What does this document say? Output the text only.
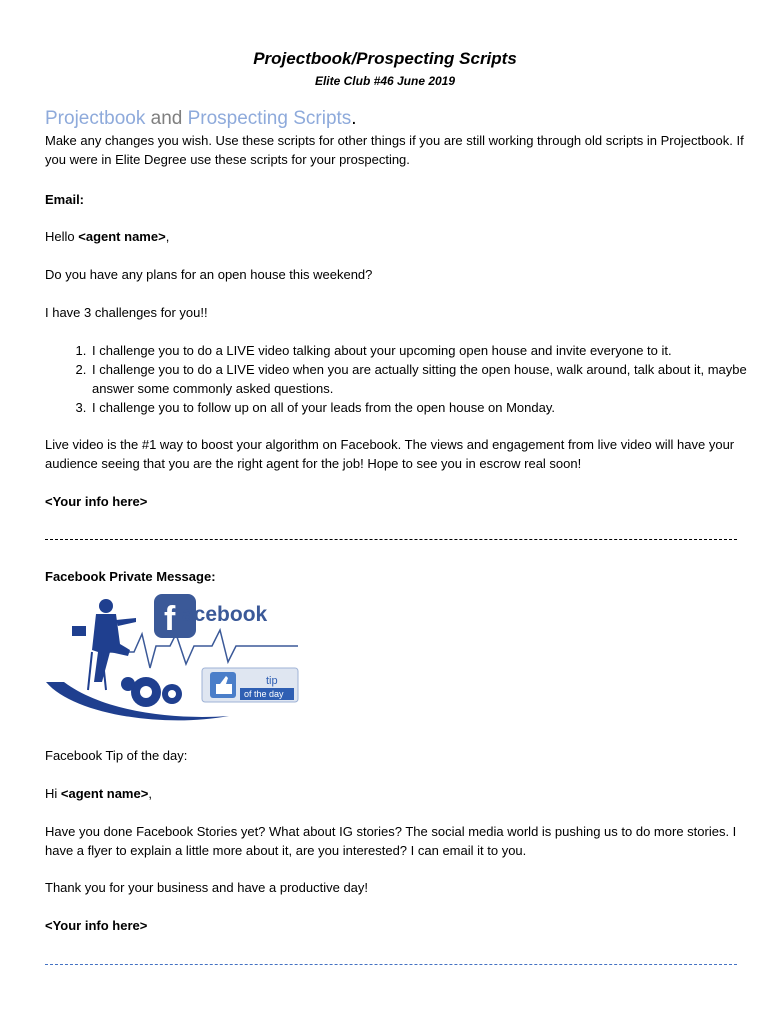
Projectbook/Prospecting Scripts
Elite Club #46 June 2019
Projectbook and Prospecting Scripts.
Make any changes you wish. Use these scripts for other things if you are still working through old scripts in Projectbook. If you were in Elite Degree use these scripts for your prospecting.
Email:
Hello <agent name>,
Do you have any plans for an open house this weekend?
I have 3 challenges for you!!
1. I challenge you to do a LIVE video talking about your upcoming open house and invite everyone to it.
2. I challenge you to do a LIVE video when you are actually sitting the open house, walk around, talk about it, maybe answer some commonly asked questions.
3. I challenge you to follow up on all of your leads from the open house on Monday.
Live video is the #1 way to boost your algorithm on Facebook. The views and engagement from live video will have your audience seeing that you are the right agent for the job! Hope to see you in escrow real soon!
<Your info here>
Facebook Private Message:
f acebook
tip
of the day
Facebook Tip of the day:
Hi <agent name>,
Have you done Facebook Stories yet? What about IG stories? The social media world is pushing us to do more stories. I have a flyer to explain a little more about it, are you interested? I can email it to you.
Thank you for your business and have a productive day!
<Your info here>
